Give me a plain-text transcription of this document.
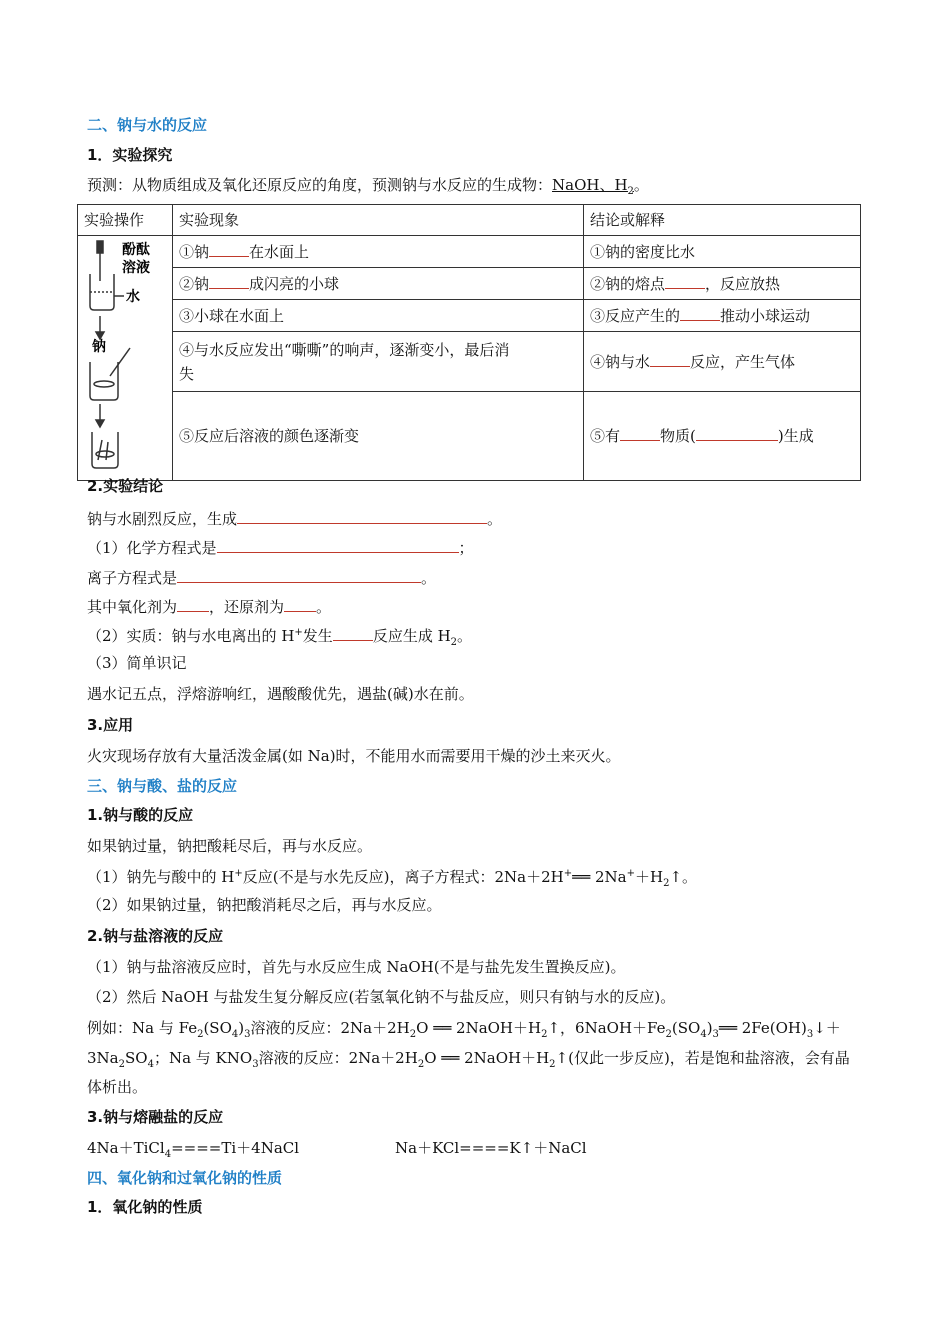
二、钠与水的反应
1．实验探究
预测：从物质组成及氧化还原反应的角度，预测钠与水反应的生成物：NaOH、$H_2$。
实验操作	实验现象	结论或解释

酚酞
溶液
水
钠	①钠 在水面上	①钠的密度比水
	②钠 成闪亮的小球	②钠的熔点 ，反应放热
	③小球在水面上	③反应产生的 推动小球运动
	④与水反应发出“嘶嘶”的响声，逐渐变小，最后消
失	④钠与水 反应，产生气体
	⑤反应后溶液的颜色逐渐变	⑤有 物质( )生成
2.实验结论
钠与水剧烈反应，生成	。
（1）化学方程式是	；
离子方程式是	。
其中氧化剂为 ，还原剂为 。
（2）实质：钠与水电离出的 H+发生	反应生成 $H_2$。
（3）简单识记
遇水记五点，浮熔游响红，遇酸酸优先，遇盐(碱)水在前。
3.应用
火灾现场存放有大量活泼金属(如 Na)时，不能用水而需要用干燥的沙土来灭火。
三、钠与酸、盐的反应
1.钠与酸的反应
如果钠过量，钠把酸耗尽后，再与水反应。
（1）钠先与酸中的 H+反应(不是与水先反应)，离子方程式：2Na＋2H+══ $2Na^++H_2↑$。
（2）如果钠过量，钠把酸消耗尽之后，再与水反应。
2.钠与盐溶液的反应
（1）钠与盐溶液反应时，首先与水反应生成 NaOH(不是与盐先发生置换反应)。
（2）然后 NaOH 与盐发生复分解反应(若氢氧化钠不与盐反应，则只有钠与水的反应)。
例如：Na 与 $Fe_2(SO_4)_3$溶液的反应：$2Na+2H_2O$ ══ $2NaOH+H_2↑$，$6NaOH+Fe_2(SO_4)_3══$ $2Fe(OH)_3↓+$
$3Na_2SO_4$；Na 与 $KNO_3$溶液的反应：$2Na+2H_2O$ ══ $2NaOH+H_2↑$(仅此一步反应)，若是饱和盐溶液，会有晶
体析出。
3.钠与熔融盐的反应
4Na＋TiCl$_4$====Ti＋4NaCl	Na＋KCl====K↑＋NaCl
四、氧化钠和过氧化钠的性质
1．氧化钠的性质
